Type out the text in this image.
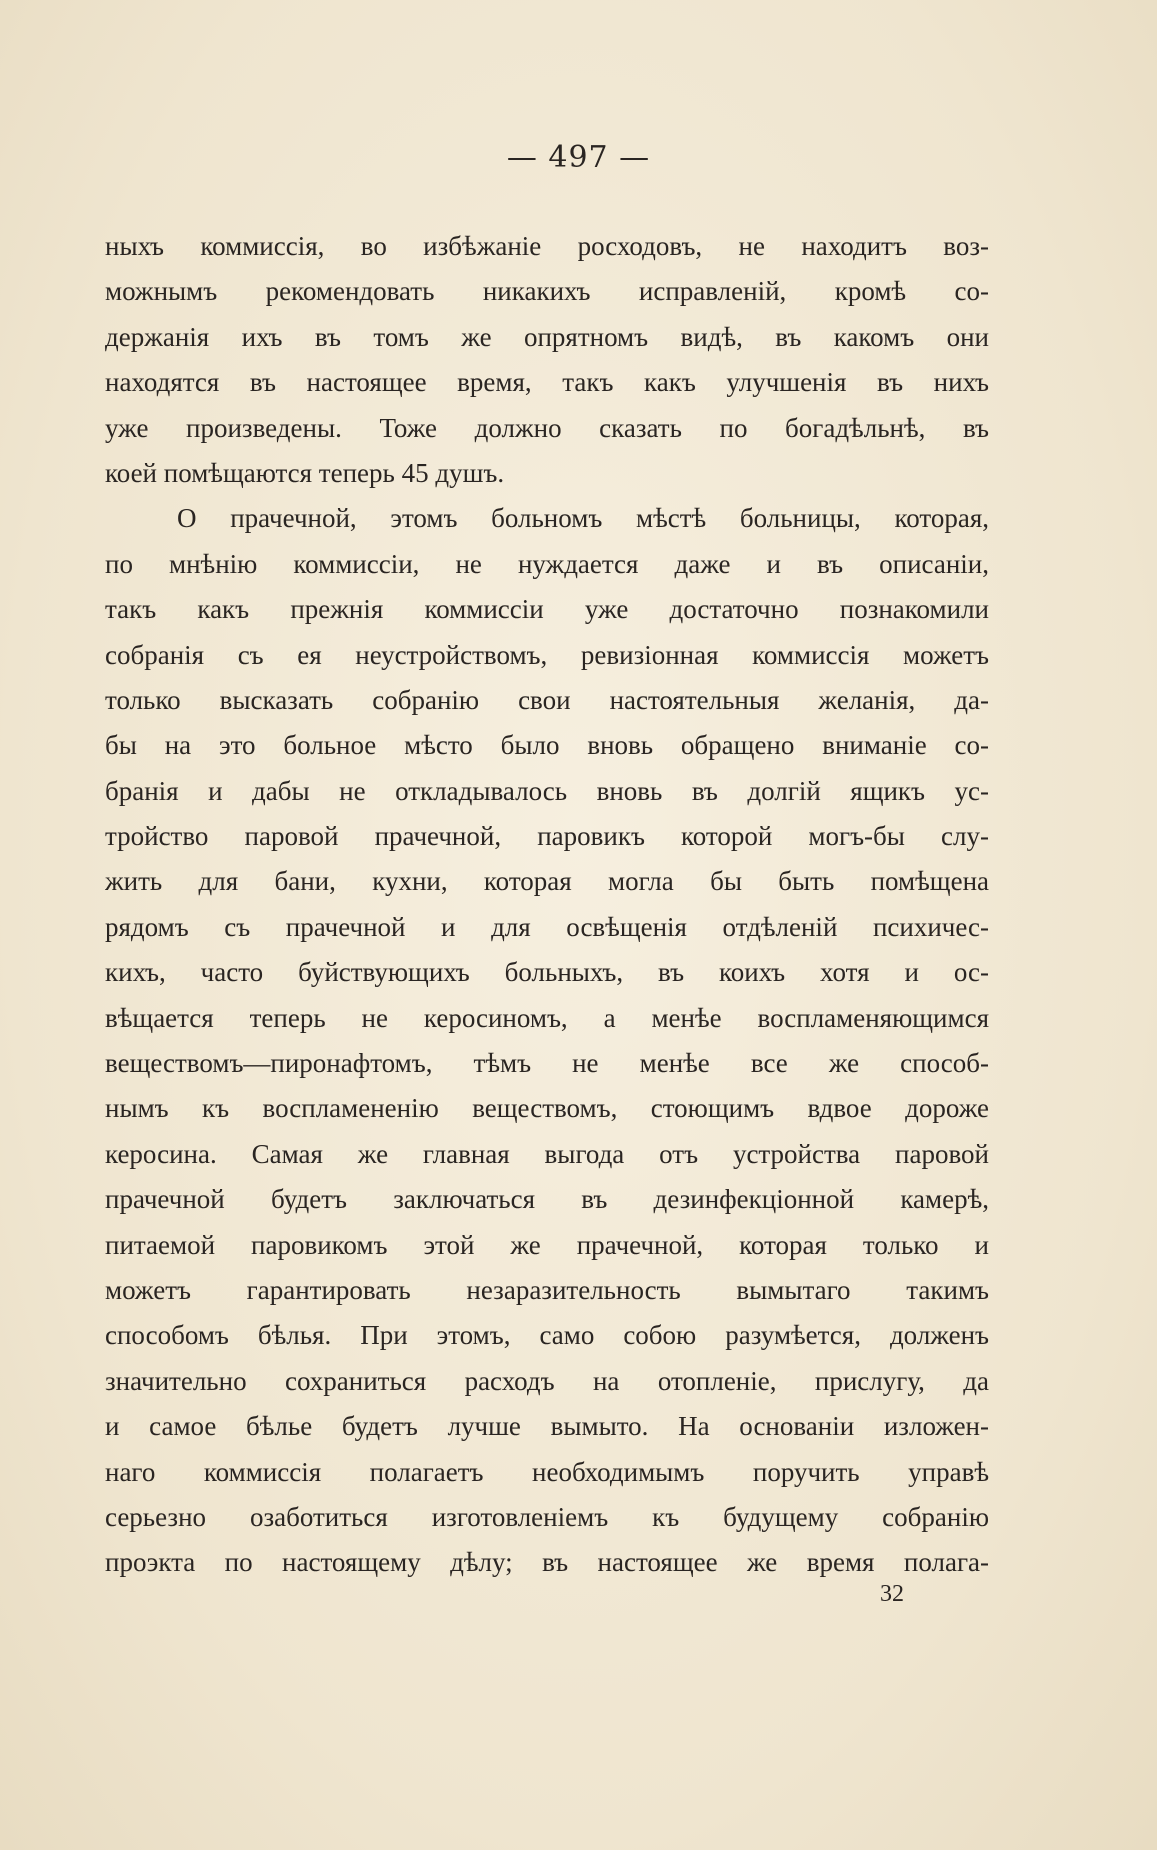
— 497 —
ныхъ коммиссія, во избѣжаніе росходовъ, не находитъ воз-
можнымъ рекомендовать никакихъ исправленій, кромѣ со-
держанія ихъ въ томъ же опрятномъ видѣ, въ какомъ они
находятся въ настоящее время, такъ какъ улучшенія въ нихъ
уже произведены. Тоже должно сказать по богадѣльнѣ, въ
коей помѣщаются теперь 45 душъ.
О прачечной, этомъ больномъ мѣстѣ больницы, которая,
по мнѣнію коммиссіи, не нуждается даже и въ описаніи,
такъ какъ прежнія коммиссіи уже достаточно познакомили
собранія съ ея неустройствомъ, ревизіонная коммиссія можетъ
только высказать собранію свои настоятельныя желанія, да-
бы на это больное мѣсто было вновь обращено вниманіе со-
бранія и дабы не откладывалось вновь въ долгій ящикъ ус-
тройство паровой прачечной, паровикъ которой могъ-бы слу-
жить для бани, кухни, которая могла бы быть помѣщена
рядомъ съ прачечной и для освѣщенія отдѣленій психичес-
кихъ, часто буйствующихъ больныхъ, въ коихъ хотя и ос-
вѣщается теперь не керосиномъ, а менѣе воспламеняющимся
веществомъ—пиронафтомъ, тѣмъ не менѣе все же способ-
нымъ къ воспламененію веществомъ, стоющимъ вдвое дороже
керосина. Самая же главная выгода отъ устройства паровой
прачечной будетъ заключаться въ дезинфекціонной камерѣ,
питаемой паровикомъ этой же прачечной, которая только и
можетъ гарантировать незаразительность вымытаго такимъ
способомъ бѣлья. При этомъ, само собою разумѣется, долженъ
значительно сохраниться расходъ на отопленіе, прислугу, да
и самое бѣлье будетъ лучше вымыто. На основаніи изложен-
наго коммиссія полагаетъ необходимымъ поручить управѣ
серьезно озаботиться изготовленіемъ къ будущему собранію
проэкта по настоящему дѣлу; въ настоящее же время полага-
32
